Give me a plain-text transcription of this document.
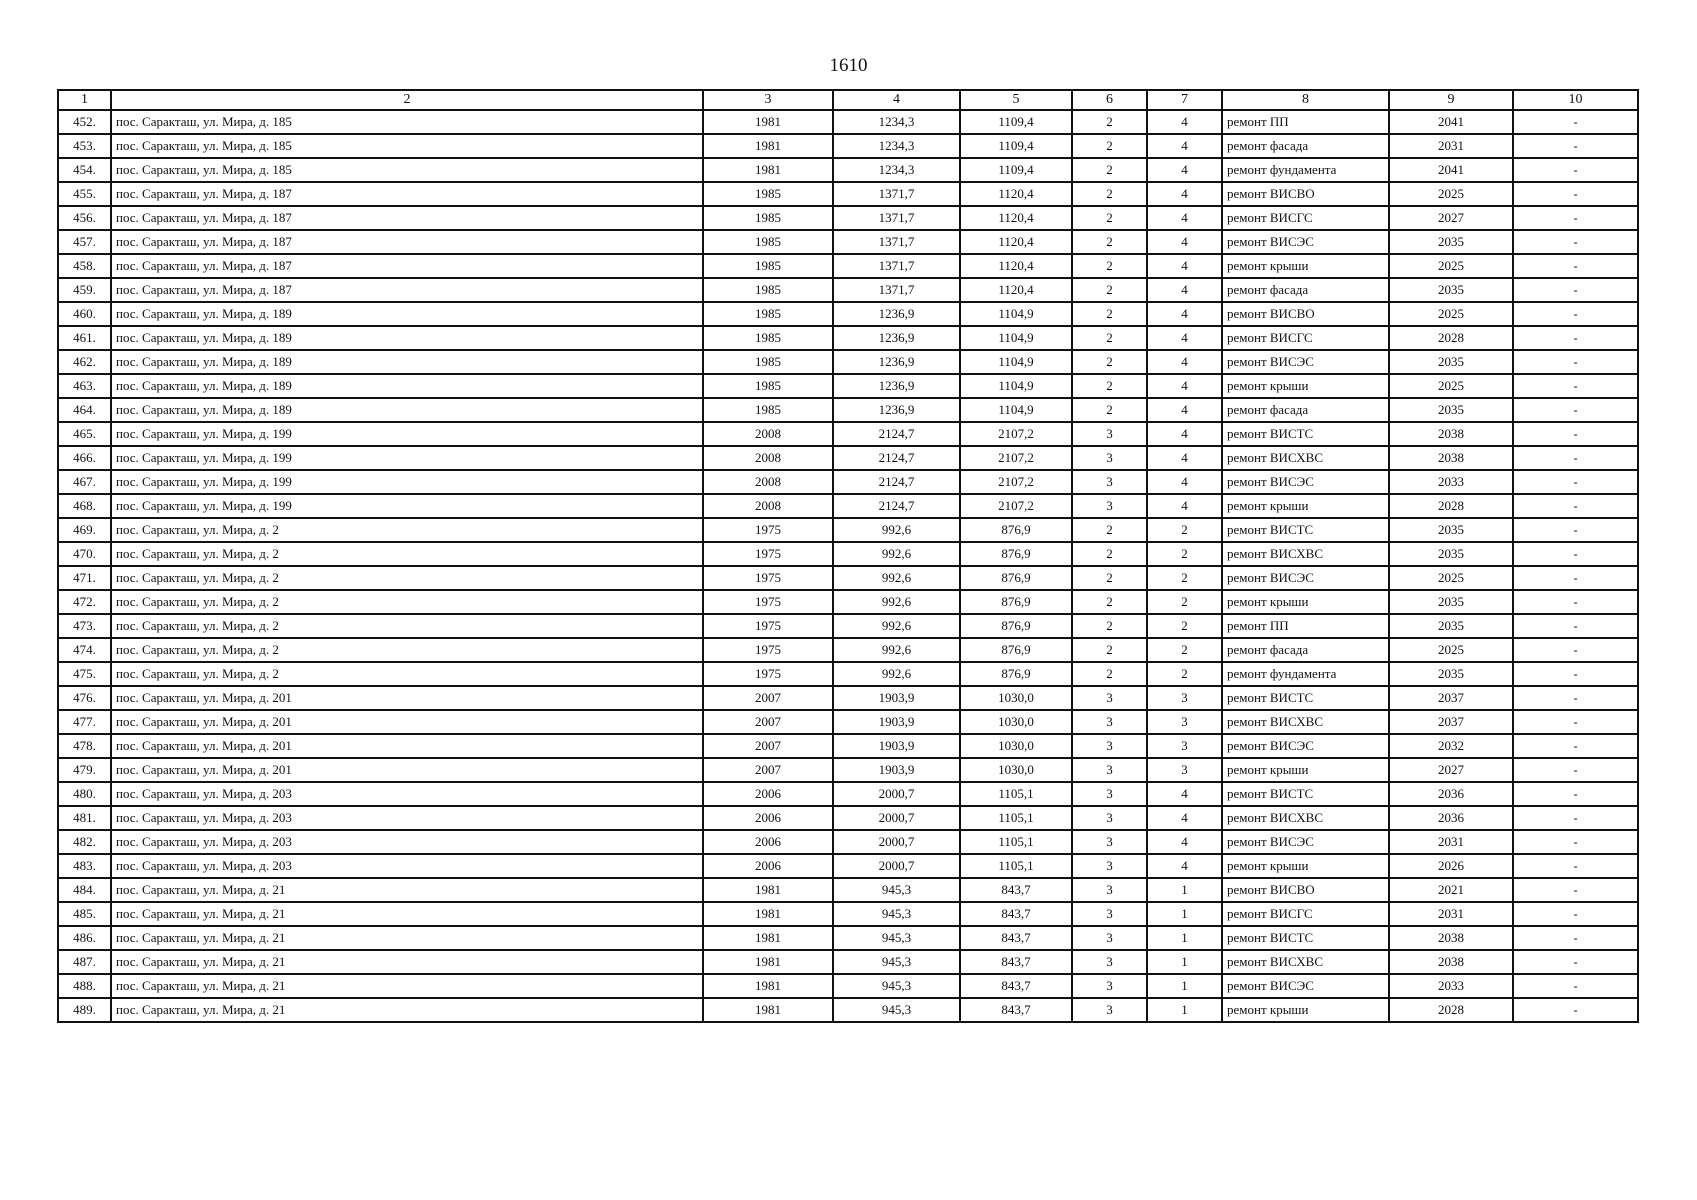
1610
1	2	3	4	5	6	7	8	9	10
452.	пос. Саракташ, ул. Мира, д. 185	1981	1234,3	1109,4	2	4	ремонт ПП	2041	-
453.	пос. Саракташ, ул. Мира, д. 185	1981	1234,3	1109,4	2	4	ремонт фасада	2031	-
454.	пос. Саракташ, ул. Мира, д. 185	1981	1234,3	1109,4	2	4	ремонт фундамента	2041	-
455.	пос. Саракташ, ул. Мира, д. 187	1985	1371,7	1120,4	2	4	ремонт ВИСВО	2025	-
456.	пос. Саракташ, ул. Мира, д. 187	1985	1371,7	1120,4	2	4	ремонт ВИСГС	2027	-
457.	пос. Саракташ, ул. Мира, д. 187	1985	1371,7	1120,4	2	4	ремонт ВИСЭС	2035	-
458.	пос. Саракташ, ул. Мира, д. 187	1985	1371,7	1120,4	2	4	ремонт крыши	2025	-
459.	пос. Саракташ, ул. Мира, д. 187	1985	1371,7	1120,4	2	4	ремонт фасада	2035	-
460.	пос. Саракташ, ул. Мира, д. 189	1985	1236,9	1104,9	2	4	ремонт ВИСВО	2025	-
461.	пос. Саракташ, ул. Мира, д. 189	1985	1236,9	1104,9	2	4	ремонт ВИСГС	2028	-
462.	пос. Саракташ, ул. Мира, д. 189	1985	1236,9	1104,9	2	4	ремонт ВИСЭС	2035	-
463.	пос. Саракташ, ул. Мира, д. 189	1985	1236,9	1104,9	2	4	ремонт крыши	2025	-
464.	пос. Саракташ, ул. Мира, д. 189	1985	1236,9	1104,9	2	4	ремонт фасада	2035	-
465.	пос. Саракташ, ул. Мира, д. 199	2008	2124,7	2107,2	3	4	ремонт ВИСТС	2038	-
466.	пос. Саракташ, ул. Мира, д. 199	2008	2124,7	2107,2	3	4	ремонт ВИСХВС	2038	-
467.	пос. Саракташ, ул. Мира, д. 199	2008	2124,7	2107,2	3	4	ремонт ВИСЭС	2033	-
468.	пос. Саракташ, ул. Мира, д. 199	2008	2124,7	2107,2	3	4	ремонт крыши	2028	-
469.	пос. Саракташ, ул. Мира, д. 2	1975	992,6	876,9	2	2	ремонт ВИСТС	2035	-
470.	пос. Саракташ, ул. Мира, д. 2	1975	992,6	876,9	2	2	ремонт ВИСХВС	2035	-
471.	пос. Саракташ, ул. Мира, д. 2	1975	992,6	876,9	2	2	ремонт ВИСЭС	2025	-
472.	пос. Саракташ, ул. Мира, д. 2	1975	992,6	876,9	2	2	ремонт крыши	2035	-
473.	пос. Саракташ, ул. Мира, д. 2	1975	992,6	876,9	2	2	ремонт ПП	2035	-
474.	пос. Саракташ, ул. Мира, д. 2	1975	992,6	876,9	2	2	ремонт фасада	2025	-
475.	пос. Саракташ, ул. Мира, д. 2	1975	992,6	876,9	2	2	ремонт фундамента	2035	-
476.	пос. Саракташ, ул. Мира, д. 201	2007	1903,9	1030,0	3	3	ремонт ВИСТС	2037	-
477.	пос. Саракташ, ул. Мира, д. 201	2007	1903,9	1030,0	3	3	ремонт ВИСХВС	2037	-
478.	пос. Саракташ, ул. Мира, д. 201	2007	1903,9	1030,0	3	3	ремонт ВИСЭС	2032	-
479.	пос. Саракташ, ул. Мира, д. 201	2007	1903,9	1030,0	3	3	ремонт крыши	2027	-
480.	пос. Саракташ, ул. Мира, д. 203	2006	2000,7	1105,1	3	4	ремонт ВИСТС	2036	-
481.	пос. Саракташ, ул. Мира, д. 203	2006	2000,7	1105,1	3	4	ремонт ВИСХВС	2036	-
482.	пос. Саракташ, ул. Мира, д. 203	2006	2000,7	1105,1	3	4	ремонт ВИСЭС	2031	-
483.	пос. Саракташ, ул. Мира, д. 203	2006	2000,7	1105,1	3	4	ремонт крыши	2026	-
484.	пос. Саракташ, ул. Мира, д. 21	1981	945,3	843,7	3	1	ремонт ВИСВО	2021	-
485.	пос. Саракташ, ул. Мира, д. 21	1981	945,3	843,7	3	1	ремонт ВИСГС	2031	-
486.	пос. Саракташ, ул. Мира, д. 21	1981	945,3	843,7	3	1	ремонт ВИСТС	2038	-
487.	пос. Саракташ, ул. Мира, д. 21	1981	945,3	843,7	3	1	ремонт ВИСХВС	2038	-
488.	пос. Саракташ, ул. Мира, д. 21	1981	945,3	843,7	3	1	ремонт ВИСЭС	2033	-
489.	пос. Саракташ, ул. Мира, д. 21	1981	945,3	843,7	3	1	ремонт крыши	2028	-
